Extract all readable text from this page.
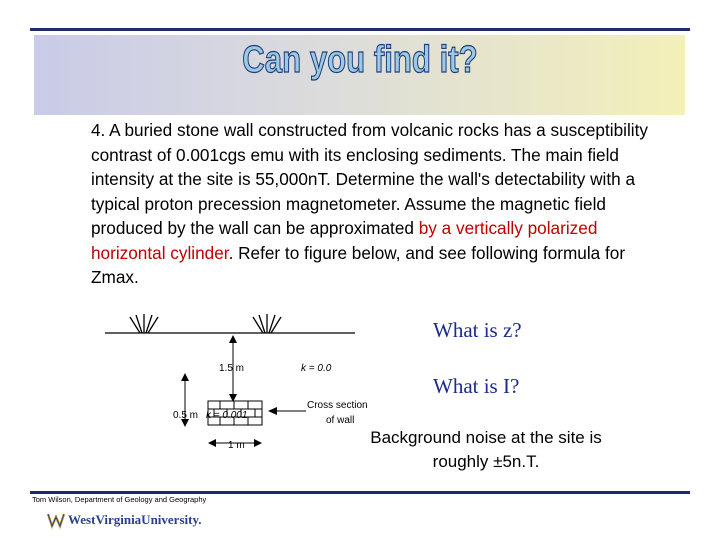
Can you find it?
4. A buried stone wall constructed from volcanic rocks has a susceptibility contrast of 0.001cgs emu with its enclosing sediments. The main field intensity at the site is 55,000nT. Determine the wall's detectability with a typical proton precession magnetometer. Assume the magnetic field produced by the wall can be approximated by a vertically polarized horizontal cylinder. Refer to figure below, and see following formula for Zmax.
1.5 m	k = 0.0
0.5 m k = 0.001
1 m
Cross section
of wall
What is z?
What is I?
Background noise at the site is roughly ±5n.T.
Tom Wilson, Department of Geology and Geography
WestVirginiaUniversity.
